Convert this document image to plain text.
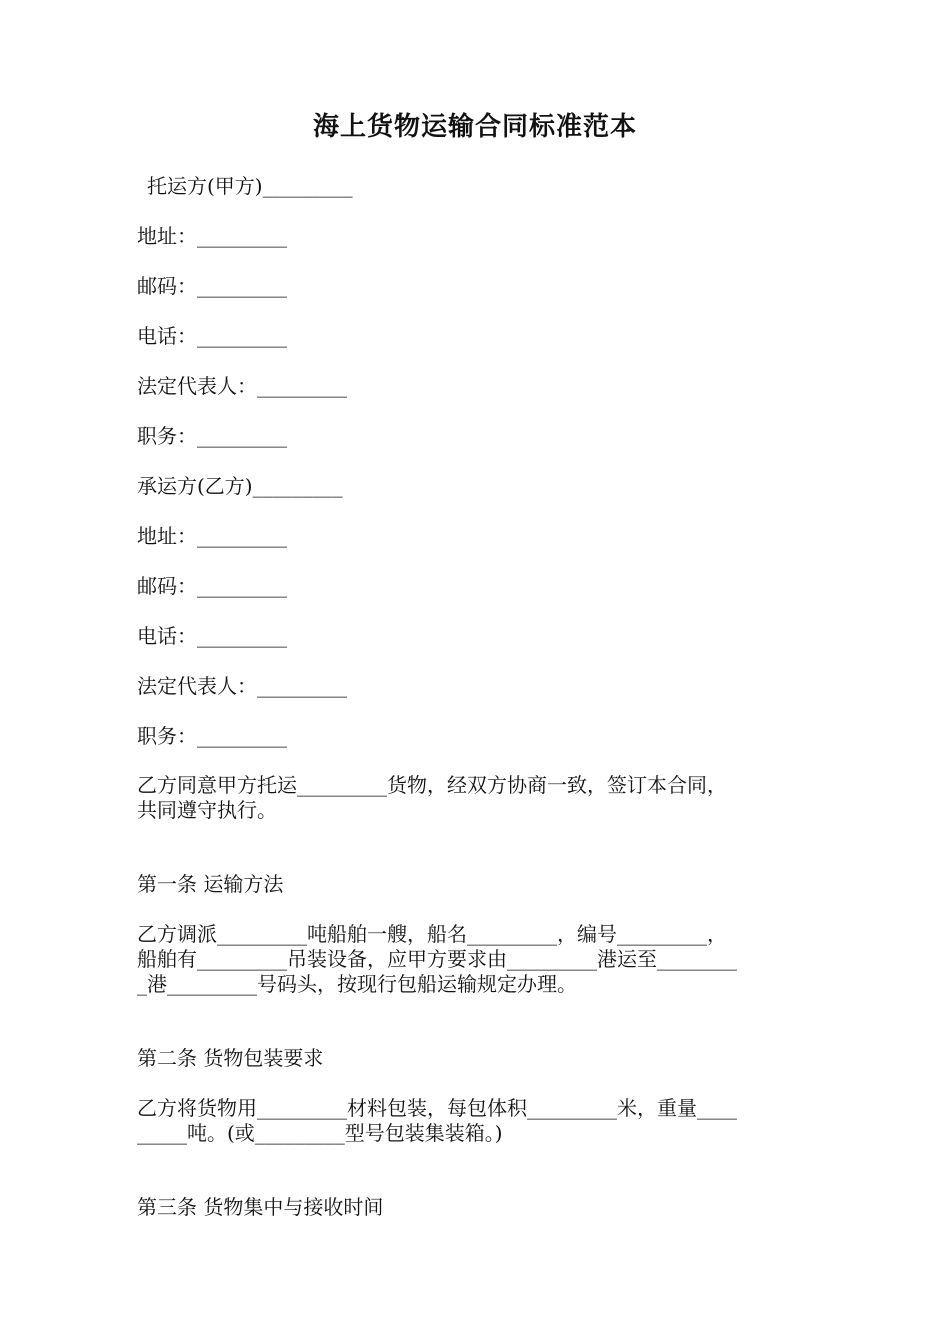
海上货物运输合同标准范本
托运方(甲方)_________
地址：_________
邮码：_________
电话：_________
法定代表人：_________
职务：_________
承运方(乙方)_________
地址：_________
邮码：_________
电话：_________
法定代表人：_________
职务：_________
乙方同意甲方托运_________货物，经双方协商一致，签订本合同，
共同遵守执行。
第一条 运输方法
乙方调派_________吨船舶一艘，船名_________，编号_________，
船舶有_________吊装设备，应甲方要求由_________港运至________
_港_________号码头，按现行包船运输规定办理。
第二条 货物包装要求
乙方将货物用_________材料包装，每包体积_________米，重量____
_____吨。(或_________型号包装集装箱。)
第三条 货物集中与接收时间
